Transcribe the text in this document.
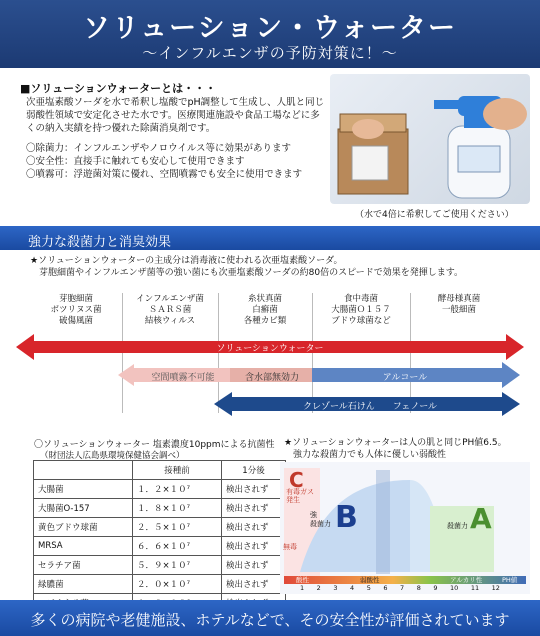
ソリューション・ウォーター
〜インフルエンザの予防対策に！〜
■ソリューションウォーターとは・・・
次亜塩素酸ソーダを水で希釈し塩酸でpH調整して生成し、人肌と同じ弱酸性領域で安定化させた水です。医療関連施設や食品工場などに多くの納入実績を持つ優れた除菌消臭剤です。
〇除菌力：インフルエンザやノロウイルス等に効果があります
〇安全性：直接手に触れても安心して使用できます
〇噴霧可：浮遊菌対策に優れ、空間噴霧でも安全に使用できます
（水で4倍に希釈してご使用ください）
強力な殺菌力と消臭効果
★ソリューションウォーターの主成分は消毒液に使われる次亜塩素酸ソーダ。
　芽胞細菌やインフルエンザ菌等の強い菌にも次亜塩素酸ソーダの約80倍のスピードで効果を発揮します。
芽胞細菌
ボツリヌス菌
破傷風菌
インフルエンザ菌
ＳＡＲＳ菌
結核ウィルス
糸状真菌
白癬菌
各種カビ類
食中毒菌
大腸菌Ｏ１５７
ブドウ球菌など
酵母様真菌
一般細菌
ソリューションウォーター
空間噴霧不可能	含水部無効力	アルコール
クレゾール石けん　　フェノール
〇ソリューションウォーター 塩素濃度10ppmによる抗菌性
（財団法人広島県環境保健協会調べ）
	接種前	1分後
大腸菌	１．２×１０⁷	検出されず
大腸菌O-157	１．８×１０⁷	検出されず
黄色ブドウ球菌	２．５×１０⁷	検出されず
MRSA	６．６×１０⁷	検出されず
セラチア菌	５．９×１０⁷	検出されず
緑膿菌	２．０×１０⁷	検出されず

★ソリューションウォーターは人の肌と同じPH値6.5。
　強力な殺菌力でも人体に優しい弱酸性
C
有毒ガス
発生	B
強
殺菌力	A
殺菌力
無毒
1 2 3 4 5 6 7 8 9 10 11 12
酸性	弱酸性	アルカリ性	PH値
多くの病院や老健施設、ホテルなどで、その安全性が評価されています
